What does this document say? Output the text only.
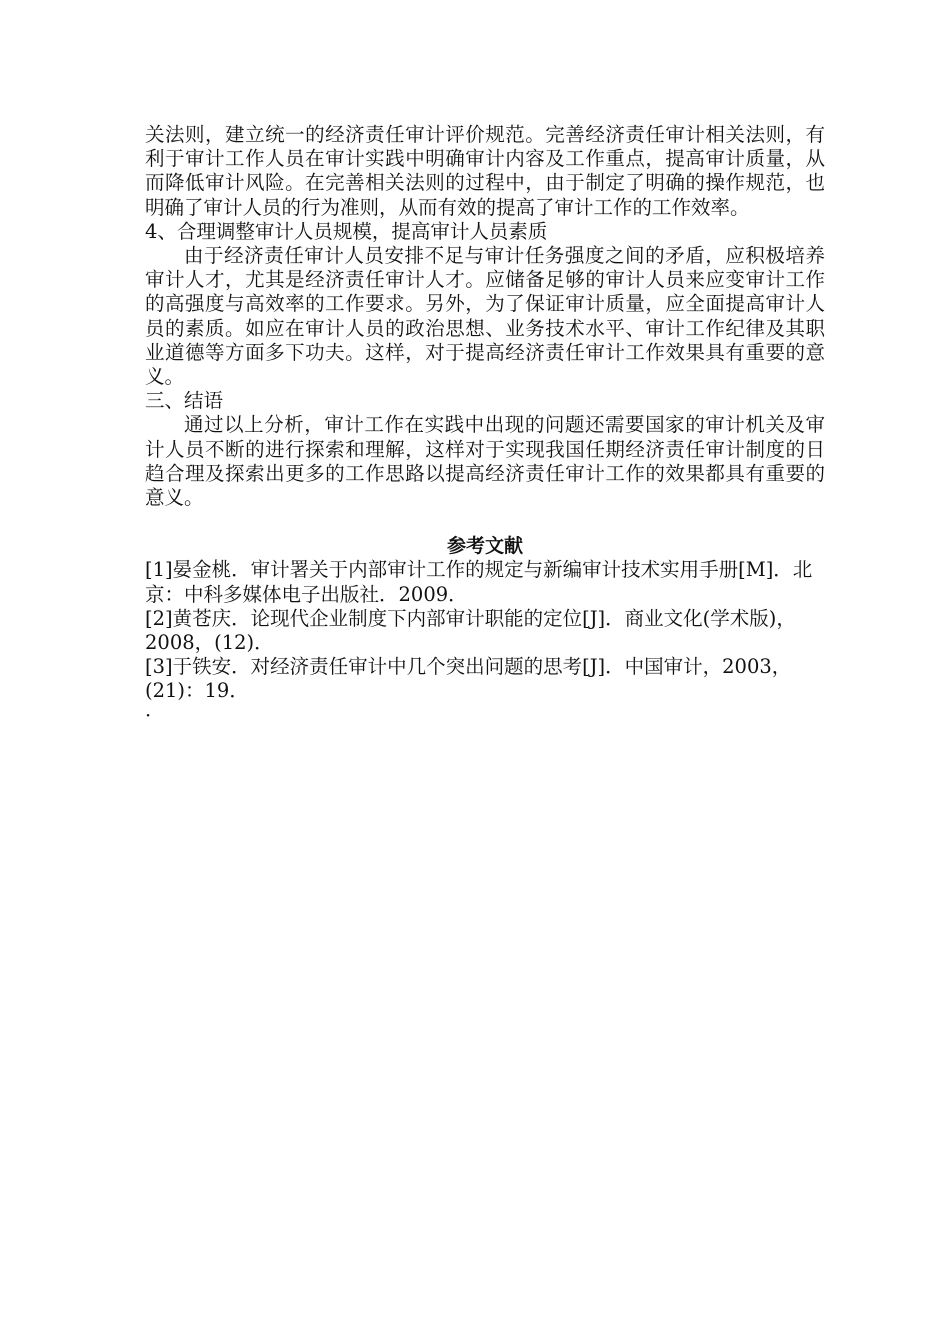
关法则，建立统一的经济责任审计评价规范。完善经济责任审计相关法则，有利于审计工作人员在审计实践中明确审计内容及工作重点，提高审计质量，从而降低审计风险。在完善相关法则的过程中，由于制定了明确的操作规范，也明确了审计人员的行为准则，从而有效的提高了审计工作的工作效率。

4、合理调整审计人员规模，提高审计人员素质

由于经济责任审计人员安排不足与审计任务强度之间的矛盾，应积极培养审计人才，尤其是经济责任审计人才。应储备足够的审计人员来应变审计工作的高强度与高效率的工作要求。另外，为了保证审计质量，应全面提高审计人员的素质。如应在审计人员的政治思想、业务技术水平、审计工作纪律及其职业道德等方面多下功夫。这样，对于提高经济责任审计工作效果具有重要的意义。

三、结语

通过以上分析，审计工作在实践中出现的问题还需要国家的审计机关及审计人员不断的进行探索和理解，这样对于实现我国任期经济责任审计制度的日趋合理及探索出更多的工作思路以提高经济责任审计工作的效果都具有重要的意义。

参考文献

[1]晏金桃．审计署关于内部审计工作的规定与新编审计技术实用手册[M]．北京：中科多媒体电子出版社．2009．

[2]黄苍庆．论现代企业制度下内部审计职能的定位[J]．商业文化(学术版)，2008，(12)．

[3]于铁安．对经济责任审计中几个突出问题的思考[J]．中国审计，2003，(21)：19．

·
